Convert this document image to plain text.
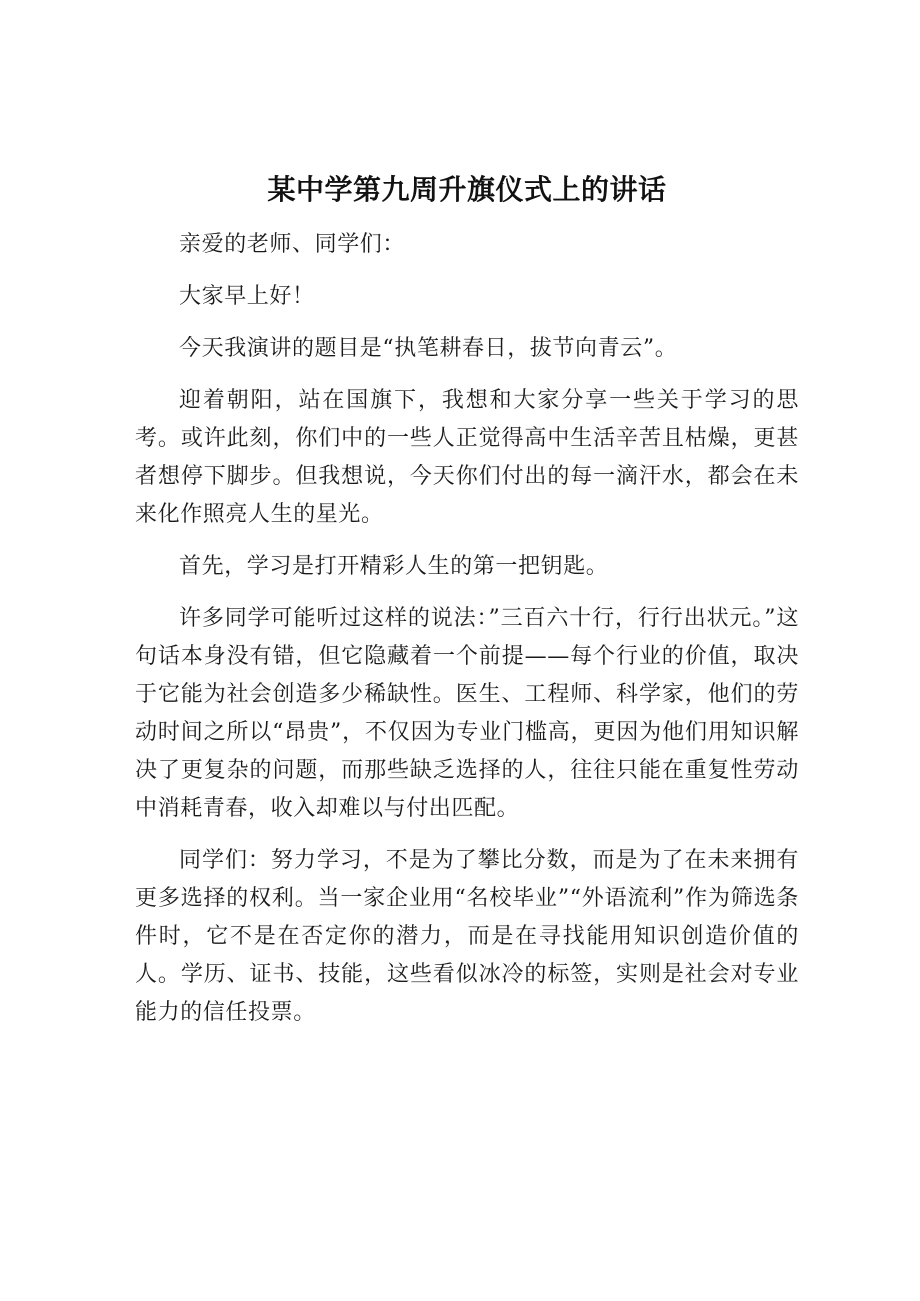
某中学第九周升旗仪式上的讲话

亲爱的老师、同学们：

大家早上好！

今天我演讲的题目是“执笔耕春日，拔节向青云”。

迎着朝阳，站在国旗下，我想和大家分享一些关于学习的思考。或许此刻，你们中的一些人正觉得高中生活辛苦且枯燥，更甚者想停下脚步。但我想说，今天你们付出的每一滴汗水，都会在未来化作照亮人生的星光。

首先，学习是打开精彩人生的第一把钥匙。

许多同学可能听过这样的说法：”三百六十行，行行出状元。”这句话本身没有错，但它隐藏着一个前提——每个行业的价值，取决于它能为社会创造多少稀缺性。医生、工程师、科学家，他们的劳动时间之所以“昂贵”，不仅因为专业门槛高，更因为他们用知识解决了更复杂的问题，而那些缺乏选择的人，往往只能在重复性劳动中消耗青春，收入却难以与付出匹配。

同学们：努力学习，不是为了攀比分数，而是为了在未来拥有更多选择的权利。当一家企业用“名校毕业”“外语流利”作为筛选条件时，它不是在否定你的潜力，而是在寻找能用知识创造价值的人。学历、证书、技能，这些看似冰冷的标签，实则是社会对专业能力的信任投票。
